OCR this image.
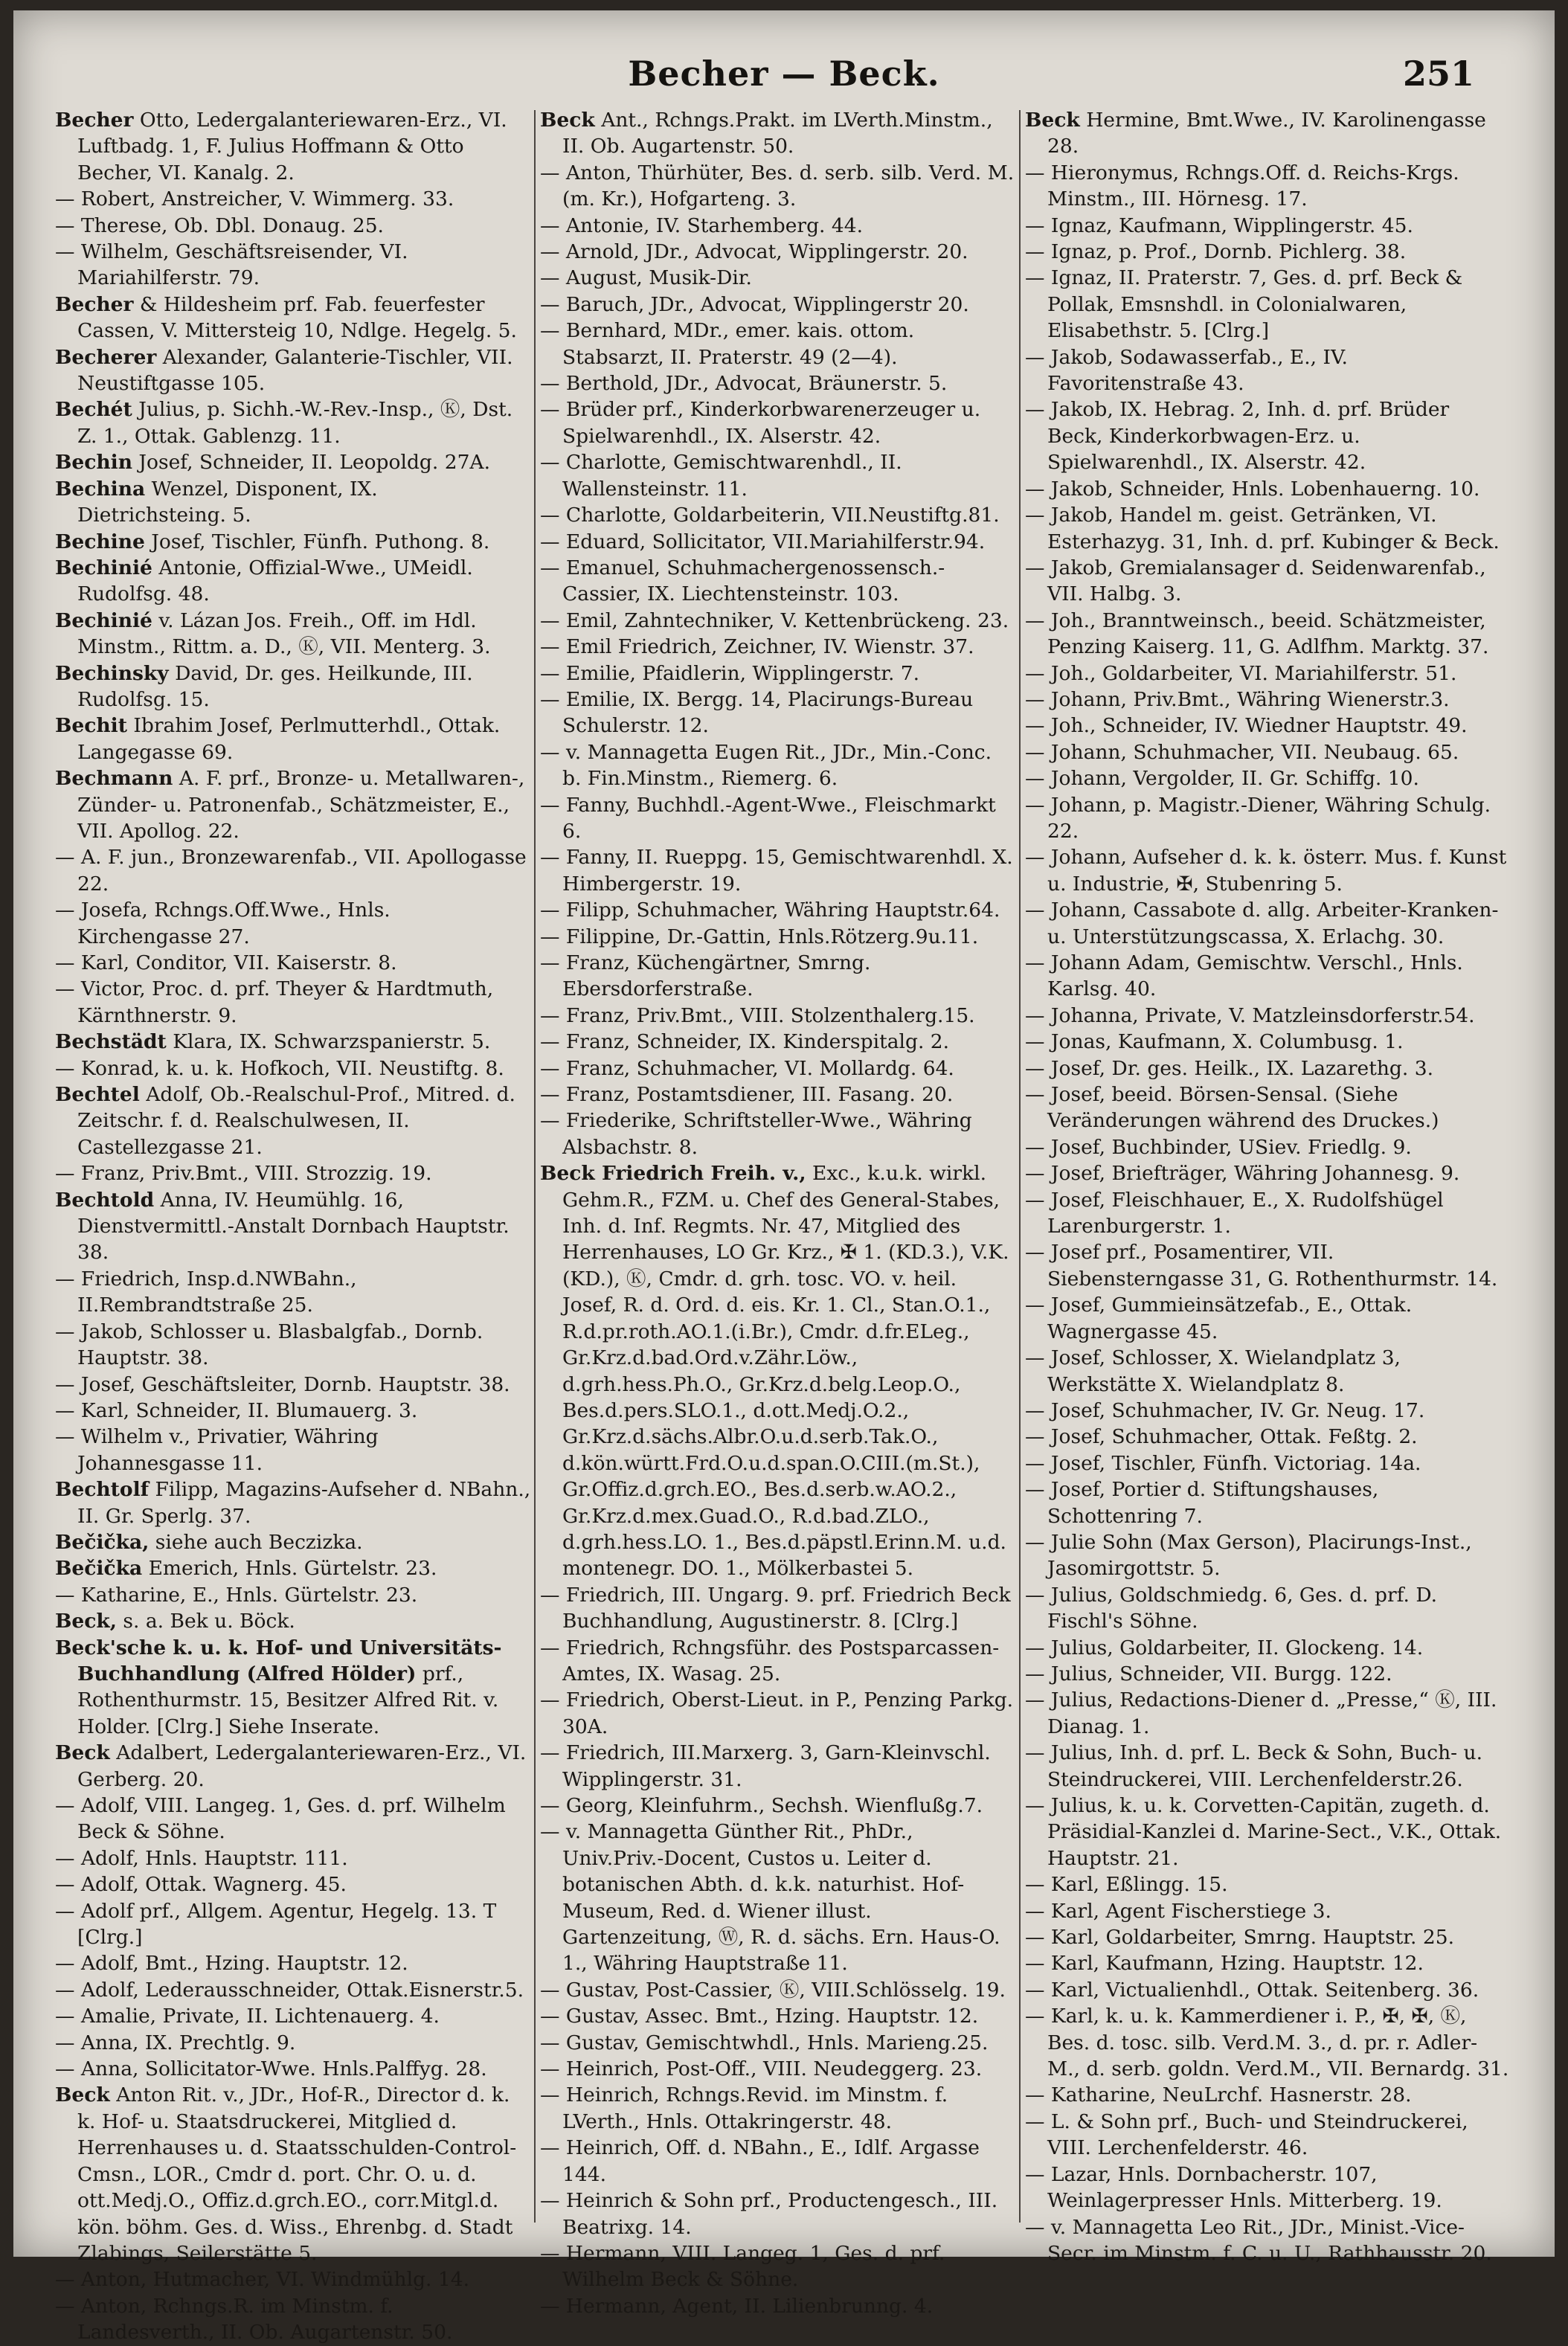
Becher — Beck.	251

Becher Otto, Ledergalanteriewaren-Erz., VI. Luftbadg. 1, F. Julius Hoffmann & Otto Becher, VI. Kanalg. 2.

— Robert, Anstreicher, V. Wimmerg. 33.

— Therese, Ob. Dbl. Donaug. 25.

— Wilhelm, Geschäftsreisender, VI. Mariahilferstr. 79.

Becher & Hildesheim prf. Fab. feuerfester Cassen, V. Mittersteig 10, Ndlge. Hegelg. 5.

Becherer Alexander, Galanterie-Tischler, VII. Neustiftgasse 105.

Bechét Julius, p. Sichh.-W.-Rev.-Insp., Ⓚ, Dst. Z. 1., Ottak. Gablenzg. 11.

Bechin Josef, Schneider, II. Leopoldg. 27A.

Bechina Wenzel, Disponent, IX. Dietrichsteing. 5.

Bechine Josef, Tischler, Fünfh. Puthong. 8.

Bechinié Antonie, Offizial-Wwe., UMeidl. Rudolfsg. 48.

Bechinié v. Lázan Jos. Freih., Off. im Hdl. Minstm., Rittm. a. D., Ⓚ, VII. Menterg. 3.

Bechinsky David, Dr. ges. Heilkunde, III. Rudolfsg. 15.

Bechit Ibrahim Josef, Perlmutterhdl., Ottak. Langegasse 69.

Bechmann A. F. prf., Bronze- u. Metallwaren-, Zünder- u. Patronenfab., Schätzmeister, E., VII. Apollog. 22.

— A. F. jun., Bronzewarenfab., VII. Apollogasse 22.

— Josefa, Rchngs.Off.Wwe., Hnls. Kirchengasse 27.

— Karl, Conditor, VII. Kaiserstr. 8.

— Victor, Proc. d. prf. Theyer & Hardtmuth, Kärnthnerstr. 9.

Bechstädt Klara, IX. Schwarzspanierstr. 5.

— Konrad, k. u. k. Hofkoch, VII. Neustiftg. 8.

Bechtel Adolf, Ob.-Realschul-Prof., Mitred. d. Zeitschr. f. d. Realschulwesen, II. Castellezgasse 21.

— Franz, Priv.Bmt., VIII. Strozzig. 19.

Bechtold Anna, IV. Heumühlg. 16, Dienstvermittl.-Anstalt Dornbach Hauptstr. 38.

— Friedrich, Insp.d.NWBahn., II.Rembrandtstraße 25.

— Jakob, Schlosser u. Blasbalgfab., Dornb. Hauptstr. 38.

— Josef, Geschäftsleiter, Dornb. Hauptstr. 38.

— Karl, Schneider, II. Blumauerg. 3.

— Wilhelm v., Privatier, Währing Johannesgasse 11.

Bechtolf Filipp, Magazins-Aufseher d. NBahn., II. Gr. Sperlg. 37.

Bečička, siehe auch Beczizka.

Bečička Emerich, Hnls. Gürtelstr. 23.

— Katharine, E., Hnls. Gürtelstr. 23.

Beck, s. a. Bek u. Böck.

Beck'sche k. u. k. Hof- und Universitäts-Buchhandlung (Alfred Hölder) prf., Rothenthurmstr. 15, Besitzer Alfred Rit. v. Holder. [Clrg.] Siehe Inserate.

Beck Adalbert, Ledergalanteriewaren-Erz., VI. Gerberg. 20.

— Adolf, VIII. Langeg. 1, Ges. d. prf. Wilhelm Beck & Söhne.

— Adolf, Hnls. Hauptstr. 111.

— Adolf, Ottak. Wagnerg. 45.

— Adolf prf., Allgem. Agentur, Hegelg. 13. T [Clrg.]

— Adolf, Bmt., Hzing. Hauptstr. 12.

— Adolf, Lederausschneider, Ottak.Eisnerstr.5.

— Amalie, Private, II. Lichtenauerg. 4.

— Anna, IX. Prechtlg. 9.

— Anna, Sollicitator-Wwe. Hnls.Palffyg. 28.

Beck Anton Rit. v., JDr., Hof-R., Director d. k. k. Hof- u. Staatsdruckerei, Mitglied d. Herrenhauses u. d. Staatsschulden-Control-Cmsn., LOR., Cmdr d. port. Chr. O. u. d. ott.Medj.O., Offiz.d.grch.EO., corr.Mitgl.d. kön. böhm. Ges. d. Wiss., Ehrenbg. d. Stadt Zlabings, Seilerstätte 5.

— Anton, Hutmacher, VI. Windmühlg. 14.

— Anton, Rchngs.R. im Minstm. f. Landesverth., II. Ob. Augartenstr. 50.

Beck Ant., Rchngs.Prakt. im LVerth.Minstm., II. Ob. Augartenstr. 50.

— Anton, Thürhüter, Bes. d. serb. silb. Verd. M. (m. Kr.), Hofgarteng. 3.

— Antonie, IV. Starhemberg. 44.

— Arnold, JDr., Advocat, Wipplingerstr. 20.

— August, Musik-Dir.

— Baruch, JDr., Advocat, Wipplingerstr 20.

— Bernhard, MDr., emer. kais. ottom. Stabsarzt, II. Praterstr. 49 (2—4).

— Berthold, JDr., Advocat, Bräunerstr. 5.

— Brüder prf., Kinderkorbwarenerzeuger u. Spielwarenhdl., IX. Alserstr. 42.

— Charlotte, Gemischtwarenhdl., II. Wallensteinstr. 11.

— Charlotte, Goldarbeiterin, VII.Neustiftg.81.

— Eduard, Sollicitator, VII.Mariahilferstr.94.

— Emanuel, Schuhmachergenossensch.-Cassier, IX. Liechtensteinstr. 103.

— Emil, Zahntechniker, V. Kettenbrückeng. 23.

— Emil Friedrich, Zeichner, IV. Wienstr. 37.

— Emilie, Pfaidlerin, Wipplingerstr. 7.

— Emilie, IX. Bergg. 14, Placirungs-Bureau Schulerstr. 12.

— v. Mannagetta Eugen Rit., JDr., Min.-Conc. b. Fin.Minstm., Riemerg. 6.

— Fanny, Buchhdl.-Agent-Wwe., Fleischmarkt 6.

— Fanny, II. Rueppg. 15, Gemischtwarenhdl. X. Himbergerstr. 19.

— Filipp, Schuhmacher, Währing Hauptstr.64.

— Filippine, Dr.-Gattin, Hnls.Rötzerg.9u.11.

— Franz, Küchengärtner, Smrng. Ebersdorferstraße.

— Franz, Priv.Bmt., VIII. Stolzenthalerg.15.

— Franz, Schneider, IX. Kinderspitalg. 2.

— Franz, Schuhmacher, VI. Mollardg. 64.

— Franz, Postamtsdiener, III. Fasang. 20.

— Friederike, Schriftsteller-Wwe., Währing Alsbachstr. 8.

Beck Friedrich Freih. v., Exc., k.u.k. wirkl. Gehm.R., FZM. u. Chef des General-Stabes, Inh. d. Inf. Regmts. Nr. 47, Mitglied des Herrenhauses, LO Gr. Krz., ✠ 1. (KD.3.), V.K. (KD.), Ⓚ, Cmdr. d. grh. tosc. VO. v. heil. Josef, R. d. Ord. d. eis. Kr. 1. Cl., Stan.O.1., R.d.pr.roth.AO.1.(i.Br.), Cmdr. d.fr.ELeg., Gr.Krz.d.bad.Ord.v.Zähr.Löw., d.grh.hess.Ph.O., Gr.Krz.d.belg.Leop.O., Bes.d.pers.SLO.1., d.ott.Medj.O.2., Gr.Krz.d.sächs.Albr.O.u.d.serb.Tak.O., d.kön.württ.Frd.O.u.d.span.O.CIII.(m.St.), Gr.Offiz.d.grch.EO., Bes.d.serb.w.AO.2., Gr.Krz.d.mex.Guad.O., R.d.bad.ZLO., d.grh.hess.LO. 1., Bes.d.päpstl.Erinn.M. u.d. montenegr. DO. 1., Mölkerbastei 5.

— Friedrich, III. Ungarg. 9. prf. Friedrich Beck Buchhandlung, Augustinerstr. 8. [Clrg.]

— Friedrich, Rchngsführ. des Postsparcassen-Amtes, IX. Wasag. 25.

— Friedrich, Oberst-Lieut. in P., Penzing Parkg. 30A.

— Friedrich, III.Marxerg. 3, Garn-Kleinvschl. Wipplingerstr. 31.

— Georg, Kleinfuhrm., Sechsh. Wienflußg.7.

— v. Mannagetta Günther Rit., PhDr., Univ.Priv.-Docent, Custos u. Leiter d. botanischen Abth. d. k.k. naturhist. Hof-Museum, Red. d. Wiener illust. Gartenzeitung, Ⓦ, R. d. sächs. Ern. Haus-O. 1., Währing Hauptstraße 11.

— Gustav, Post-Cassier, Ⓚ, VIII.Schlösselg. 19.

— Gustav, Assec. Bmt., Hzing. Hauptstr. 12.

— Gustav, Gemischtwhdl., Hnls. Marieng.25.

— Heinrich, Post-Off., VIII. Neudeggerg. 23.

— Heinrich, Rchngs.Revid. im Minstm. f. LVerth., Hnls. Ottakringerstr. 48.

— Heinrich, Off. d. NBahn., E., Idlf. Argasse 144.

— Heinrich & Sohn prf., Productengesch., III. Beatrixg. 14.

— Hermann, VIII. Langeg. 1, Ges. d. prf. Wilhelm Beck & Söhne.

— Hermann, Agent, II. Lilienbrunng. 4.

Beck Hermine, Bmt.Wwe., IV. Karolinengasse 28.

— Hieronymus, Rchngs.Off. d. Reichs-Krgs. Minstm., III. Hörnesg. 17.

— Ignaz, Kaufmann, Wipplingerstr. 45.

— Ignaz, p. Prof., Dornb. Pichlerg. 38.

— Ignaz, II. Praterstr. 7, Ges. d. prf. Beck & Pollak, Emsnshdl. in Colonialwaren, Elisabethstr. 5. [Clrg.]

— Jakob, Sodawasserfab., E., IV. Favoritenstraße 43.

— Jakob, IX. Hebrag. 2, Inh. d. prf. Brüder Beck, Kinderkorbwagen-Erz. u. Spielwarenhdl., IX. Alserstr. 42.

— Jakob, Schneider, Hnls. Lobenhauerng. 10.

— Jakob, Handel m. geist. Getränken, VI. Esterhazyg. 31, Inh. d. prf. Kubinger & Beck.

— Jakob, Gremialansager d. Seidenwarenfab., VII. Halbg. 3.

— Joh., Branntweinsch., beeid. Schätzmeister, Penzing Kaiserg. 11, G. Adlfhm. Marktg. 37.

— Joh., Goldarbeiter, VI. Mariahilferstr. 51.

— Johann, Priv.Bmt., Währing Wienerstr.3.

— Joh., Schneider, IV. Wiedner Hauptstr. 49.

— Johann, Schuhmacher, VII. Neubaug. 65.

— Johann, Vergolder, II. Gr. Schiffg. 10.

— Johann, p. Magistr.-Diener, Währing Schulg. 22.

— Johann, Aufseher d. k. k. österr. Mus. f. Kunst u. Industrie, ✠, Stubenring 5.

— Johann, Cassabote d. allg. Arbeiter-Kranken- u. Unterstützungscassa, X. Erlachg. 30.

— Johann Adam, Gemischtw. Verschl., Hnls. Karlsg. 40.

— Johanna, Private, V. Matzleinsdorferstr.54.

— Jonas, Kaufmann, X. Columbusg. 1.

— Josef, Dr. ges. Heilk., IX. Lazarethg. 3.

— Josef, beeid. Börsen-Sensal. (Siehe Veränderungen während des Druckes.)

— Josef, Buchbinder, USiev. Friedlg. 9.

— Josef, Briefträger, Währing Johannesg. 9.

— Josef, Fleischhauer, E., X. Rudolfshügel Larenburgerstr. 1.

— Josef prf., Posamentirer, VII. Siebensterngasse 31, G. Rothenthurmstr. 14.

— Josef, Gummieinsätzefab., E., Ottak. Wagnergasse 45.

— Josef, Schlosser, X. Wielandplatz 3, Werkstätte X. Wielandplatz 8.

— Josef, Schuhmacher, IV. Gr. Neug. 17.

— Josef, Schuhmacher, Ottak. Feßtg. 2.

— Josef, Tischler, Fünfh. Victoriag. 14a.

— Josef, Portier d. Stiftungshauses, Schottenring 7.

— Julie Sohn (Max Gerson), Placirungs-Inst., Jasomirgottstr. 5.

— Julius, Goldschmiedg. 6, Ges. d. prf. D. Fischl's Söhne.

— Julius, Goldarbeiter, II. Glockeng. 14.

— Julius, Schneider, VII. Burgg. 122.

— Julius, Redactions-Diener d. „Presse,“ Ⓚ, III. Dianag. 1.

— Julius, Inh. d. prf. L. Beck & Sohn, Buch- u. Steindruckerei, VIII. Lerchenfelderstr.26.

— Julius, k. u. k. Corvetten-Capitän, zugeth. d. Präsidial-Kanzlei d. Marine-Sect., V.K., Ottak. Hauptstr. 21.

— Karl, Eßlingg. 15.

— Karl, Agent Fischerstiege 3.

— Karl, Goldarbeiter, Smrng. Hauptstr. 25.

— Karl, Kaufmann, Hzing. Hauptstr. 12.

— Karl, Victualienhdl., Ottak. Seitenberg. 36.

— Karl, k. u. k. Kammerdiener i. P., ✠, ✠, Ⓚ, Bes. d. tosc. silb. Verd.M. 3., d. pr. r. Adler-M., d. serb. goldn. Verd.M., VII. Bernardg. 31.

— Katharine, NeuLrchf. Hasnerstr. 28.

— L. & Sohn prf., Buch- und Steindruckerei, VIII. Lerchenfelderstr. 46.

— Lazar, Hnls. Dornbacherstr. 107, Weinlagerpresser Hnls. Mitterberg. 19.

— v. Mannagetta Leo Rit., JDr., Minist.-Vice-Secr. im Minstm. f. C. u. U., Rathhausstr. 20.
